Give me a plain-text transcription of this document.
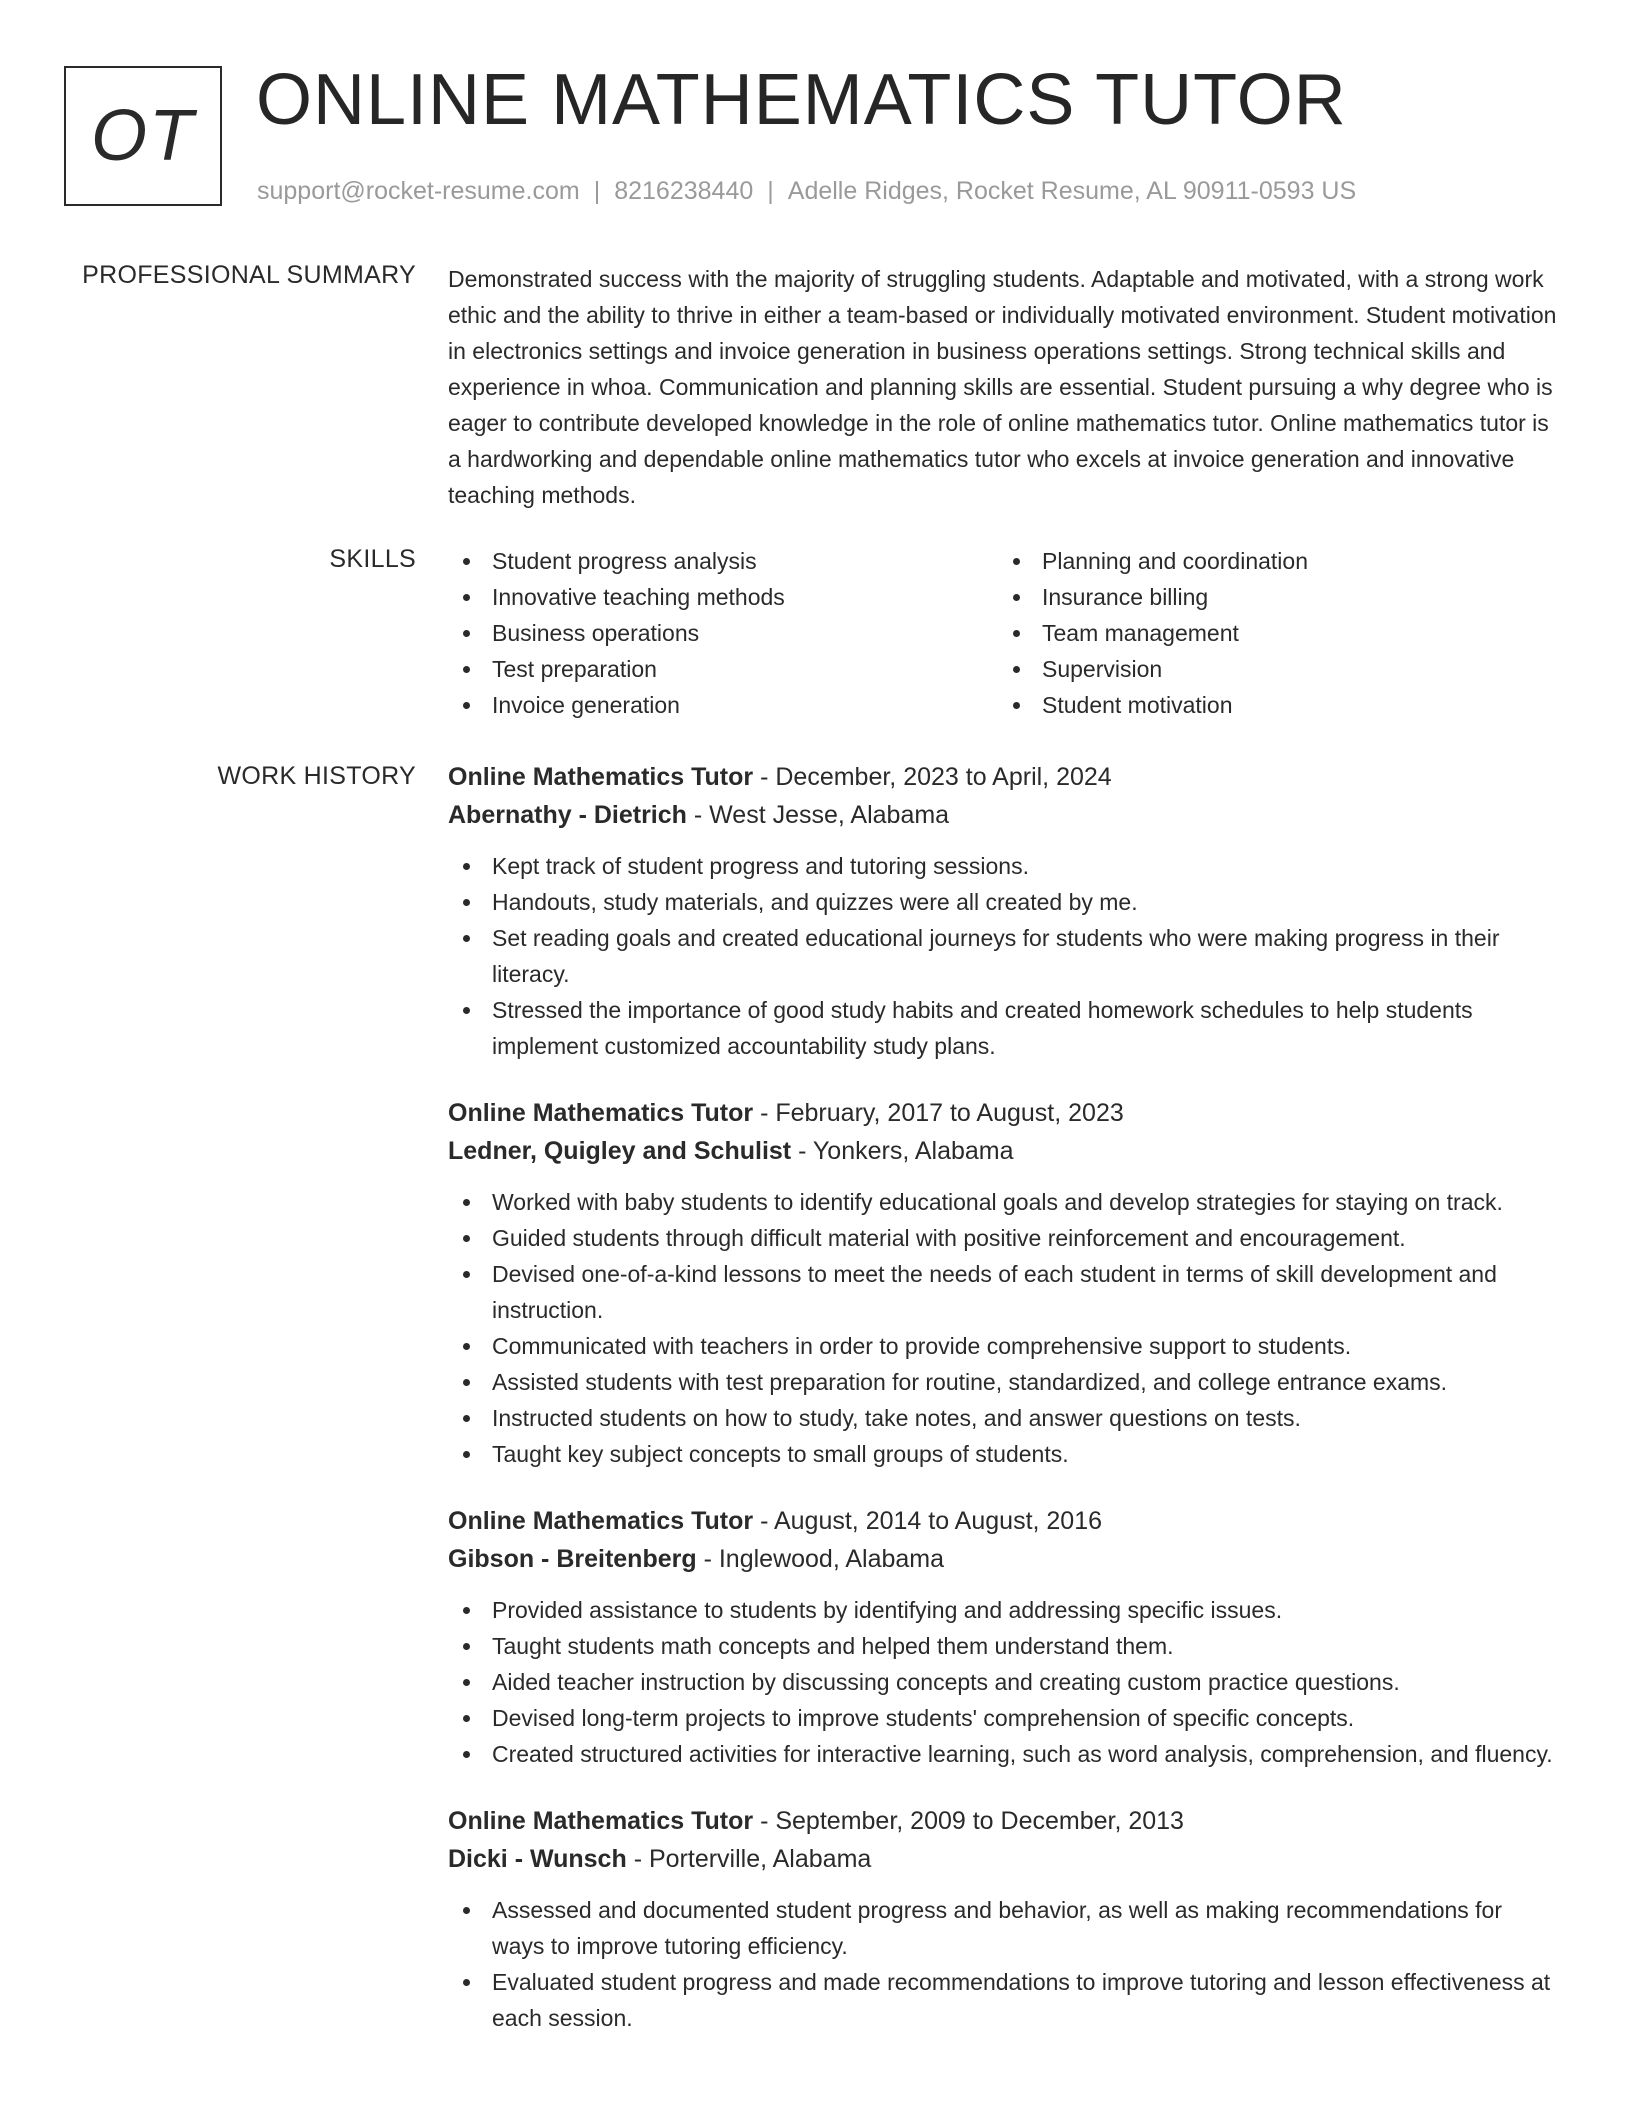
OT ONLINE MATHEMATICS TUTOR
support@rocket-resume.com | 8216238440 | Adelle Ridges, Rocket Resume, AL 90911-0593 US
PROFESSIONAL SUMMARY Demonstrated success with the majority of struggling students. Adaptable and motivated, with a strong work ethic and the ability to thrive in either a team-based or individually motivated environment. Student motivation in electronics settings and invoice generation in business operations settings. Strong technical skills and experience in whoa. Communication and planning skills are essential. Student pursuing a why degree who is eager to contribute developed knowledge in the role of online mathematics tutor. Online mathematics tutor is a hardworking and dependable online mathematics tutor who excels at invoice generation and innovative teaching methods.

SKILLS	Student progress analysis
Innovative teaching methods
Business operations
Test preparation
Invoice generation
Planning and coordination
Insurance billing
Team management
Supervision
Student motivation
WORK HISTORY Online Mathematics Tutor - December, 2023 to April, 2024
Abernathy - Dietrich - West Jesse, Alabama
Kept track of student progress and tutoring sessions.
Handouts, study materials, and quizzes were all created by me.
Set reading goals and created educational journeys for students who were making progress in their literacy.
Stressed the importance of good study habits and created homework schedules to help students implement customized accountability study plans.
Online Mathematics Tutor - February, 2017 to August, 2023
Ledner, Quigley and Schulist - Yonkers, Alabama
Worked with baby students to identify educational goals and develop strategies for staying on track.
Guided students through difficult material with positive reinforcement and encouragement.
Devised one-of-a-kind lessons to meet the needs of each student in terms of skill development and instruction.
Communicated with teachers in order to provide comprehensive support to students.
Assisted students with test preparation for routine, standardized, and college entrance exams.
Instructed students on how to study, take notes, and answer questions on tests.
Taught key subject concepts to small groups of students.
Online Mathematics Tutor - August, 2014 to August, 2016
Gibson - Breitenberg - Inglewood, Alabama
Provided assistance to students by identifying and addressing specific issues.
Taught students math concepts and helped them understand them.
Aided teacher instruction by discussing concepts and creating custom practice questions.
Devised long-term projects to improve students' comprehension of specific concepts.
Created structured activities for interactive learning, such as word analysis, comprehension, and fluency.
Online Mathematics Tutor - September, 2009 to December, 2013
Dicki - Wunsch - Porterville, Alabama
Assessed and documented student progress and behavior, as well as making recommendations for ways to improve tutoring efficiency.
Evaluated student progress and made recommendations to improve tutoring and lesson effectiveness at each session.
